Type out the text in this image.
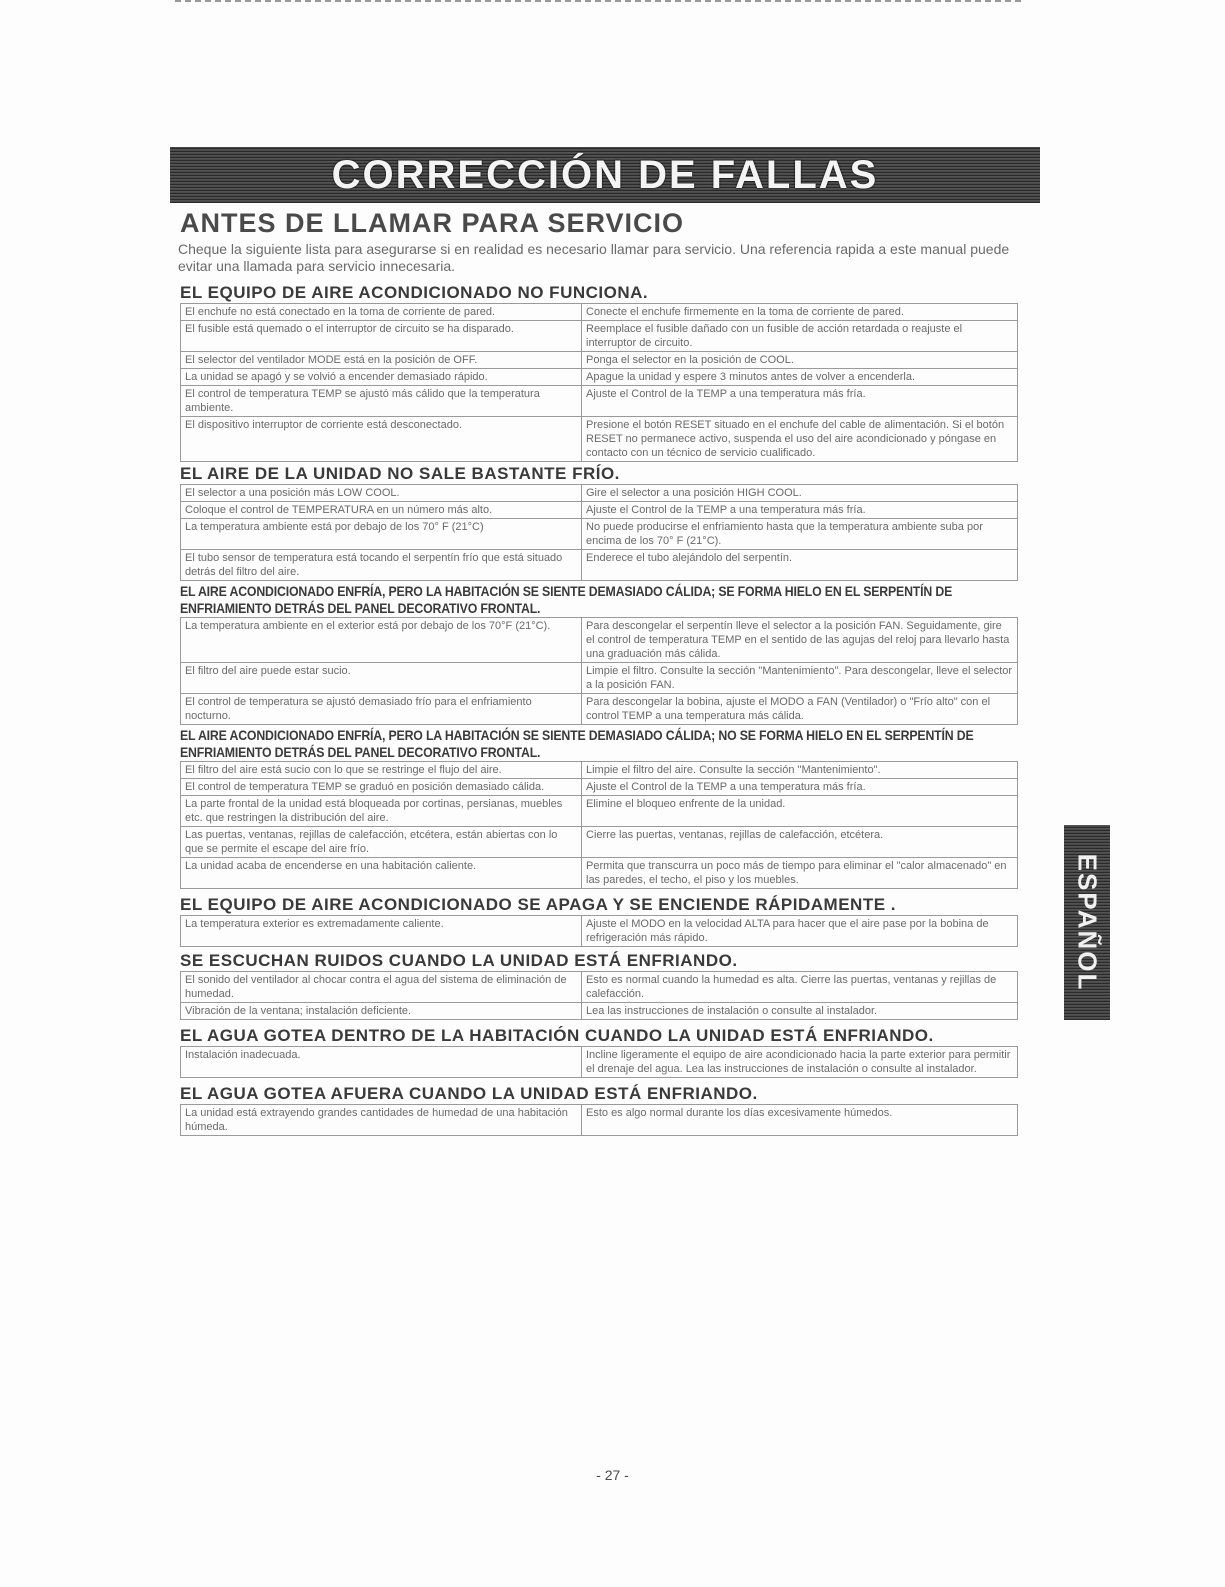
CORRECCIÓN DE FALLAS
ANTES DE LLAMAR PARA SERVICIO
Cheque la siguiente lista para asegurarse si en realidad es necesario llamar para servicio. Una referencia rapida a este manual puede evitar una llamada para servicio innecesaria.
EL EQUIPO DE AIRE ACONDICIONADO NO FUNCIONA.
El enchufe no está conectado en la toma de corriente de pared.	Conecte el enchufe firmemente en la toma de corriente de pared.
El fusible está quemado o el interruptor de circuito se ha disparado.	Reemplace el fusible dañado con un fusible de acción retardada o reajuste el interruptor de circuito.
El selector del ventilador MODE está en la posición de OFF.	Ponga el selector en la posición de COOL.
La unidad se apagó y se volvió a encender demasiado rápido.	Apague la unidad y espere 3 minutos antes de volver a encenderla.
El control de temperatura TEMP se ajustó más cálido que la temperatura ambiente.	Ajuste el Control de la TEMP a una temperatura más fría.
El dispositivo interruptor de corriente está desconectado.	Presione el botón RESET situado en el enchufe del cable de alimentación. Si el botón RESET no permanece activo, suspenda el uso del aire acondicionado y póngase en contacto con un técnico de servicio cualificado.
EL AIRE DE LA UNIDAD NO SALE BASTANTE FRÍO.
El selector a una posición más LOW COOL.	Gire el selector a una posición HIGH COOL.
Coloque el control de TEMPERATURA en un número más alto.	Ajuste el Control de la TEMP a una temperatura más fría.
La temperatura ambiente está por debajo de los 70° F (21°C)	No puede producirse el enfriamiento hasta que la temperatura ambiente suba por encima de los 70° F (21°C).
El tubo sensor de temperatura está tocando el serpentín frío que está situado detrás del filtro del aire.	Enderece el tubo alejándolo del serpentín.
EL AIRE ACONDICIONADO ENFRÍA, PERO LA HABITACIÓN SE SIENTE DEMASIADO CÁLIDA; SE FORMA HIELO EN EL SERPENTÍN DE ENFRIAMIENTO DETRÁS DEL PANEL DECORATIVO FRONTAL.
La temperatura ambiente en el exterior está por debajo de los 70°F (21°C).	Para descongelar el serpentín lleve el selector a la posición FAN. Seguidamente, gire el control de temperatura TEMP en el sentido de las agujas del reloj para llevarlo hasta una graduación más cálida.
El filtro del aire puede estar sucio.	Limpie el filtro. Consulte la sección "Mantenimiento". Para descongelar, lleve el selector a la posición FAN.
El control de temperatura se ajustó demasiado frío para el enfriamiento nocturno.	Para descongelar la bobina, ajuste el MODO a FAN (Ventilador) o "Frío alto" con el control TEMP a una temperatura más cálida.
EL AIRE ACONDICIONADO ENFRÍA, PERO LA HABITACIÓN SE SIENTE DEMASIADO CÁLIDA; NO SE FORMA HIELO EN EL SERPENTÍN DE ENFRIAMIENTO DETRÁS DEL PANEL DECORATIVO FRONTAL.
El filtro del aire está sucio con lo que se restringe el flujo del aire.	Limpie el filtro del aire. Consulte la sección "Mantenimiento".
El control de temperatura TEMP se graduó en posición demasiado cálida.	Ajuste el Control de la TEMP a una temperatura más fría.
La parte frontal de la unidad está bloqueada por cortinas, persianas, muebles etc. que restringen la distribución del aire.	Elimine el bloqueo enfrente de la unidad.
Las puertas, ventanas, rejillas de calefacción, etcétera, están abiertas con lo que se permite el escape del aire frío.	Cierre las puertas, ventanas, rejillas de calefacción, etcétera.
La unidad acaba de encenderse en una habitación caliente.	Permita que transcurra un poco más de tiempo para eliminar el "calor almacenado" en las paredes, el techo, el piso y los muebles.
EL EQUIPO DE AIRE ACONDICIONADO SE APAGA Y SE ENCIENDE RÁPIDAMENTE .
La temperatura exterior es extremadamente caliente.	Ajuste el MODO en la velocidad ALTA para hacer que el aire pase por la bobina de refrigeración más rápido.
SE ESCUCHAN RUIDOS CUANDO LA UNIDAD ESTÁ ENFRIANDO.
El sonido del ventilador al chocar contra el agua del sistema de eliminación de humedad.	Esto es normal cuando la humedad es alta. Cierre las puertas, ventanas y rejillas de calefacción.
Vibración de la ventana; instalación deficiente.	Lea las instrucciones de instalación o consulte al instalador.
EL AGUA GOTEA DENTRO DE LA HABITACIÓN CUANDO LA UNIDAD ESTÁ ENFRIANDO.
Instalación inadecuada.	Incline ligeramente el equipo de aire acondicionado hacia la parte exterior para permitir el drenaje del agua. Lea las instrucciones de instalación o consulte al instalador.
EL AGUA GOTEA AFUERA CUANDO LA UNIDAD ESTÁ ENFRIANDO.
La unidad está extrayendo grandes cantidades de humedad de una habitación húmeda.	Esto es algo normal durante los días excesivamente húmedos.
ESPAÑOL
- 27 -
